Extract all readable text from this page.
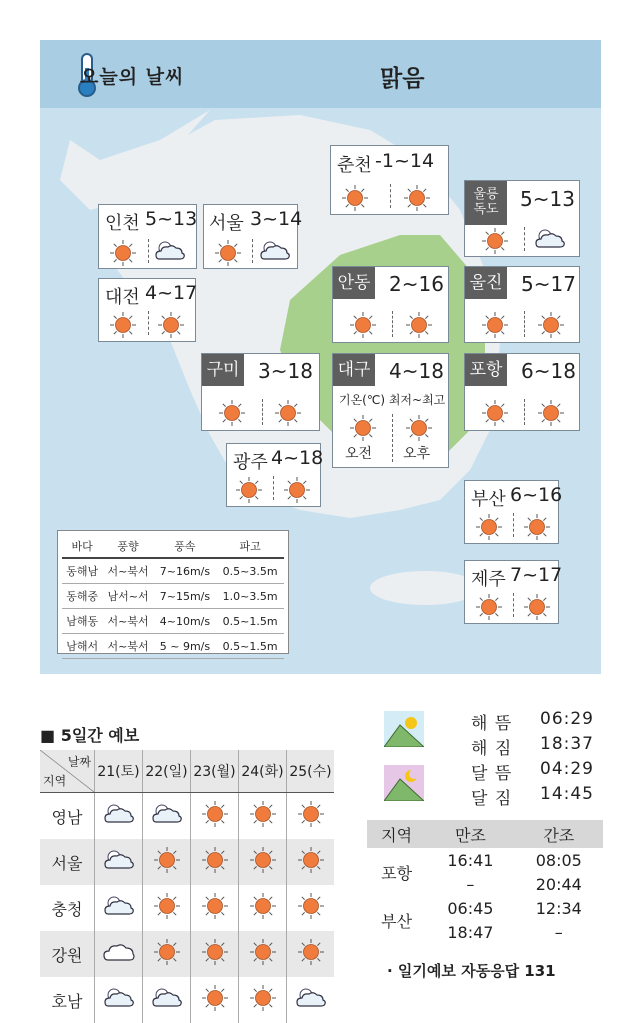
오늘의 날씨	맑음
춘천 -1~14
인천 5~13 서울 3~14
울릉
독도	5~13
대전 4~17	안동 2~16 울진 5~17
구미 3~18 대구 4~18
기온(℃) 최저~최고
오전 오후
포항 6~18
광주 4~18
부산 6~16
제주 7~17
바다	풍향	풍속	파고
동해남	서~북서	7~16m/s	0.5~3.5m
동해중	남서~서	7~15m/s	1.0~3.5m
남해동	서~북서	4~10m/s	0.5~1.5m
남해서	서~북서	5 ~ 9m/s	0.5~1.5m
■ 5일간 예보
날짜
지역	21(토)	22(일)	23(월)	24(화)	25(수)
영남					
서울					
충청					
강원					
호남					
해 뜸 06:29
해 짐 18:37
달 뜸 04:29
달 짐 14:45
지역	만조	간조
포항	16:41	08:05
	–	20:44
부산	06:45	12:34
	18:47	–
· 일기예보 자동응답 131
